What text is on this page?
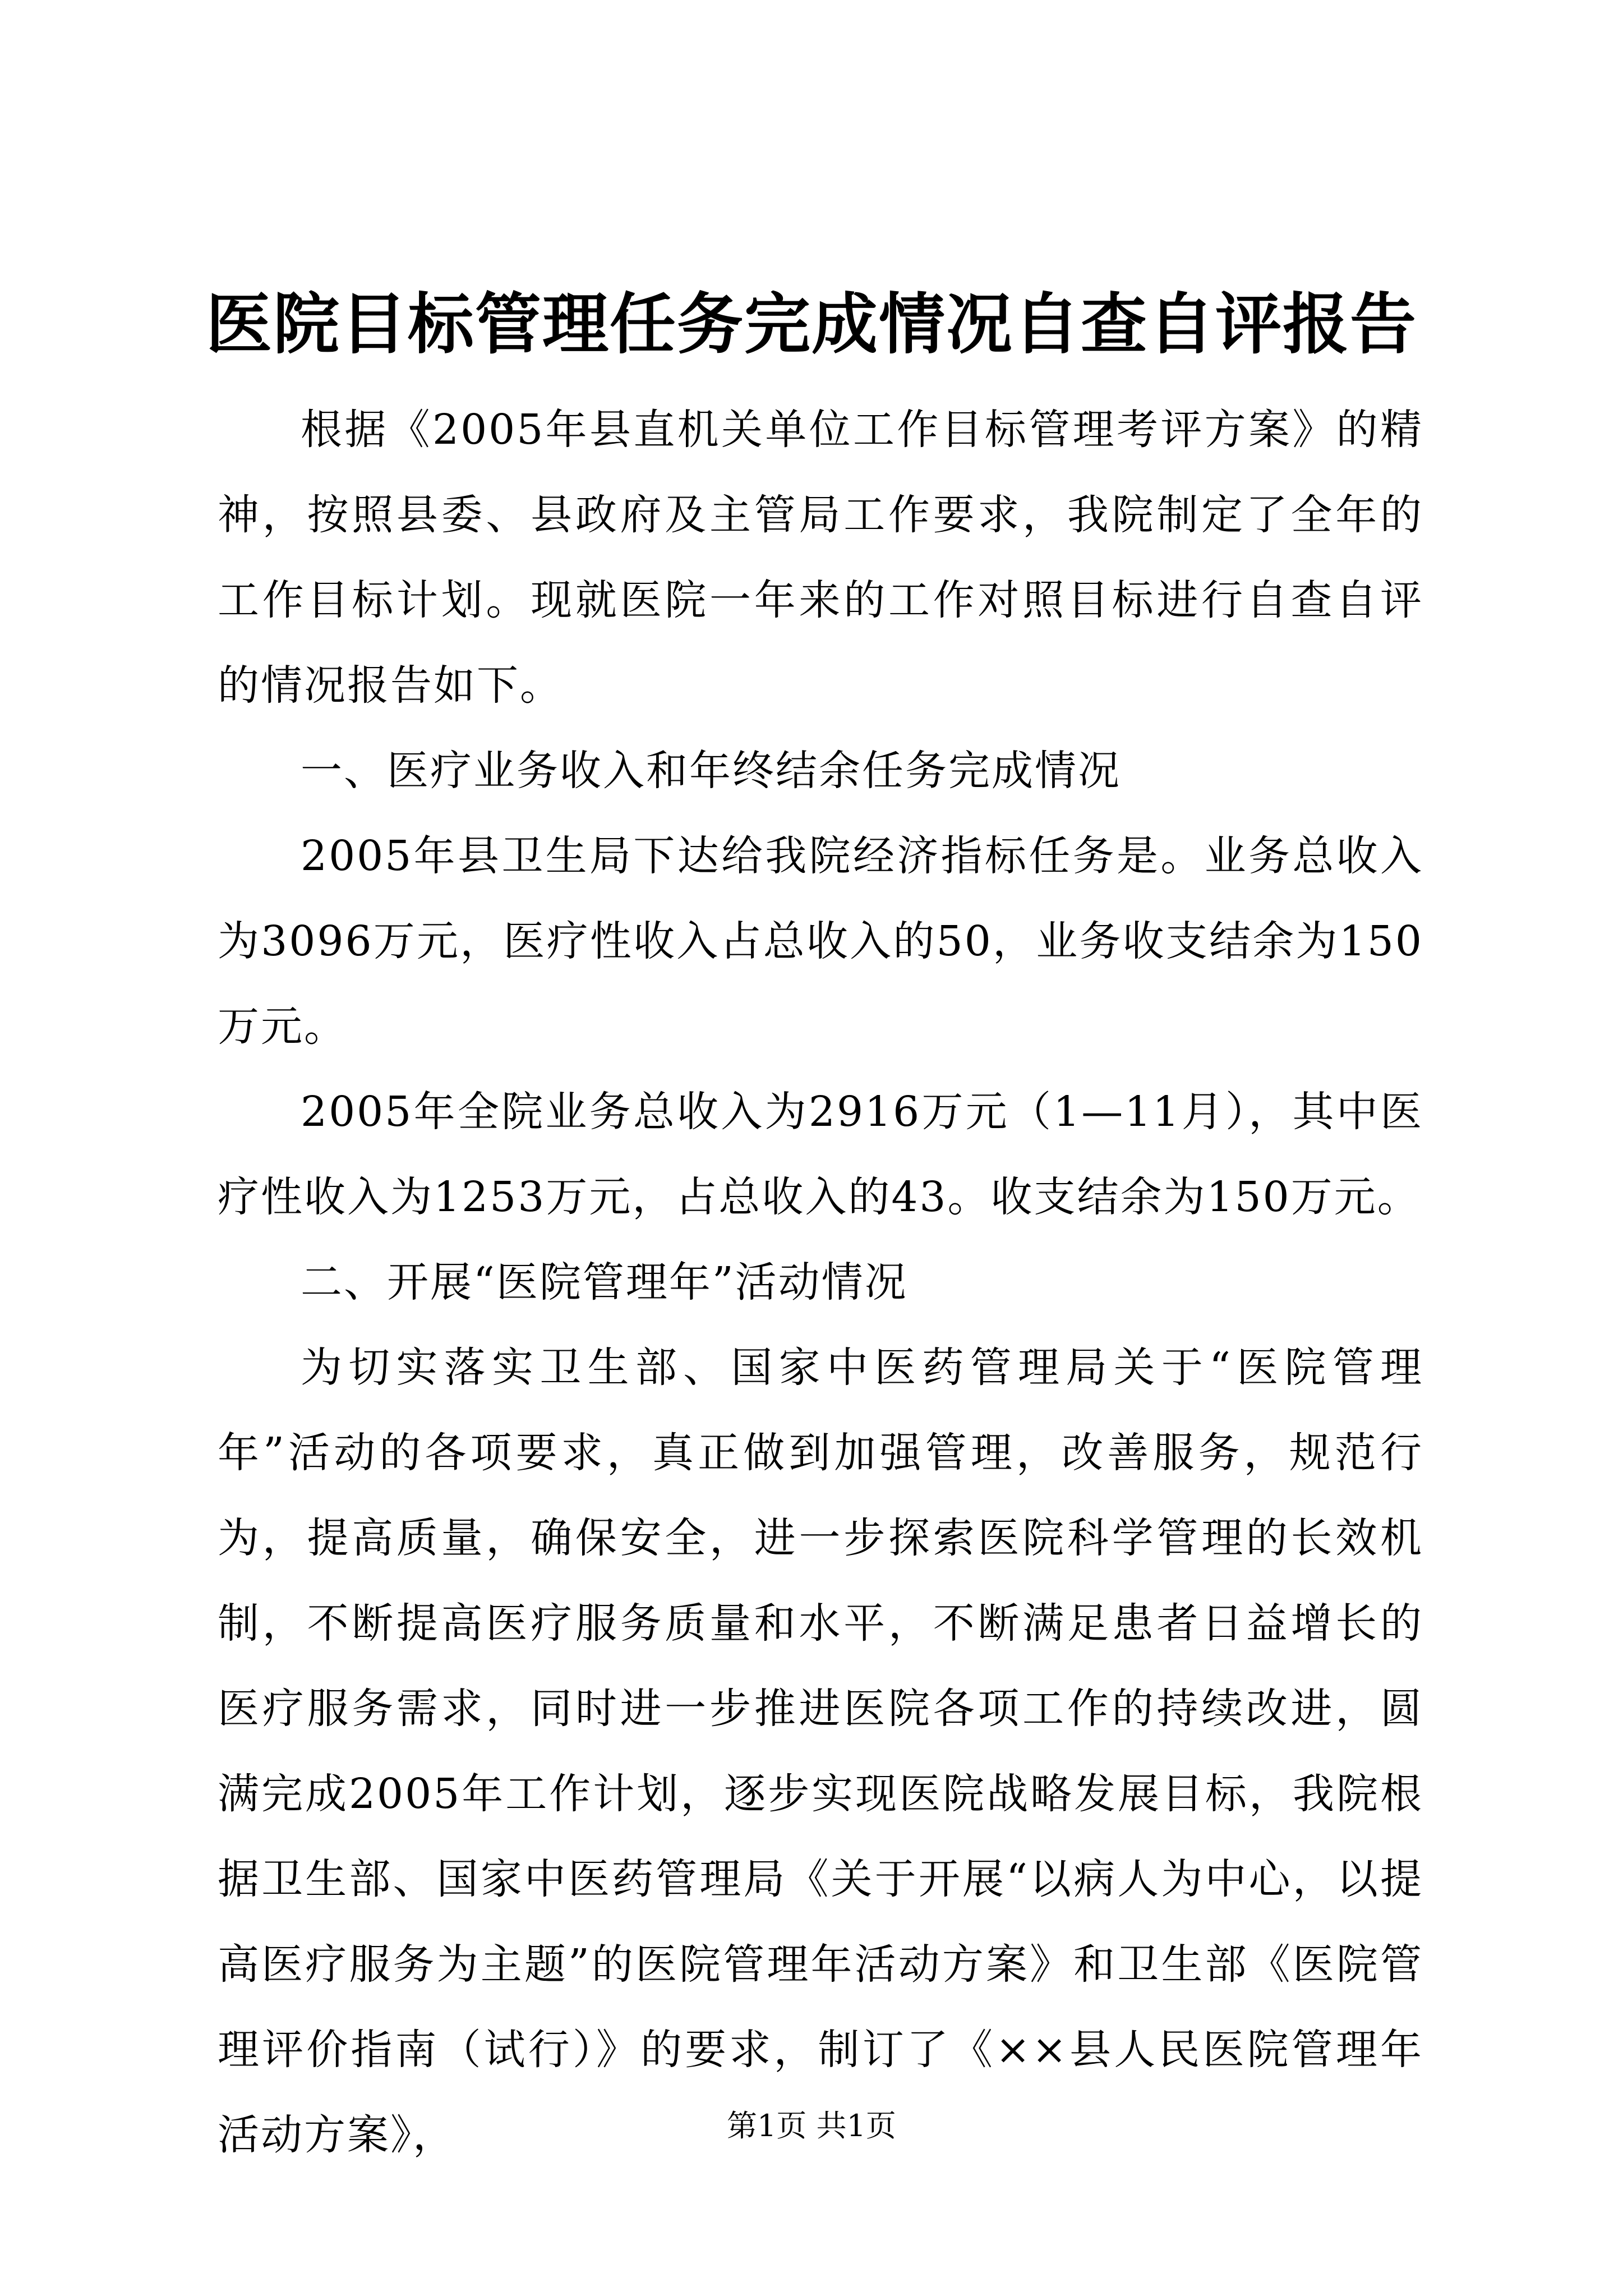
医院目标管理任务完成情况自查自评报告

根据《2005年县直机关单位工作目标管理考评方案》的精神，按照县委、县政府及主管局工作要求，我院制定了全年的工作目标计划。现就医院一年来的工作对照目标进行自查自评的情况报告如下。

一、医疗业务收入和年终结余任务完成情况

2005年县卫生局下达给我院经济指标任务是。业务总收入为3096万元，医疗性收入占总收入的50，业务收支结余为150万元。

2005年全院业务总收入为2916万元（1—11月），其中医疗性收入为1253万元，占总收入的43。收支结余为150万元。

二、开展“医院管理年”活动情况

为切实落实卫生部、国家中医药管理局关于“医院管理年”活动的各项要求，真正做到加强管理，改善服务，规范行为，提高质量，确保安全，进一步探索医院科学管理的长效机制，不断提高医疗服务质量和水平，不断满足患者日益增长的医疗服务需求，同时进一步推进医院各项工作的持续改进，圆满完成2005年工作计划，逐步实现医院战略发展目标，我院根据卫生部、国家中医药管理局《关于开展“以病人为中心，以提高医疗服务为主题”的医院管理年活动方案》和卫生部《医院管理评价指南（试行）》的要求，制订了《××县人民医院管理年活动方案》，	第1页 共1页
